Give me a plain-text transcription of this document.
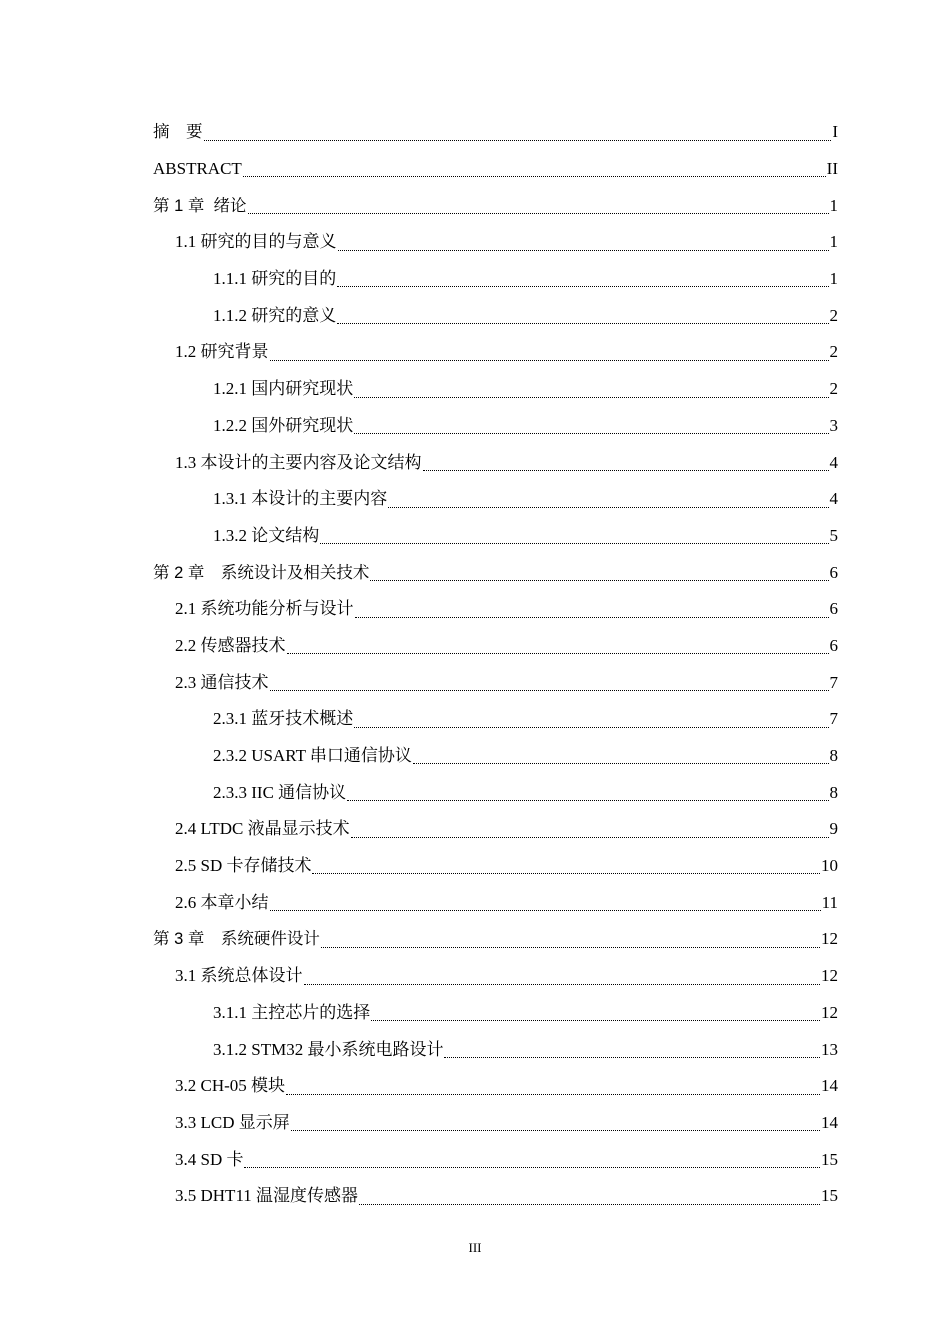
摘　要	I
ABSTRACT	II
第 1 章  绪论	1
1.1 研究的目的与意义	1
1.1.1 研究的目的	1
1.1.2 研究的意义	2
1.2 研究背景	2
1.2.1 国内研究现状	2
1.2.2 国外研究现状	3
1.3 本设计的主要内容及论文结构	4
1.3.1 本设计的主要内容	4
1.3.2 论文结构	5
第 2 章　系统设计及相关技术	6
2.1 系统功能分析与设计	6
2.2 传感器技术	6
2.3 通信技术	7
2.3.1 蓝牙技术概述	7
2.3.2 USART 串口通信协议	8
2.3.3 IIC 通信协议	8
2.4 LTDC 液晶显示技术	9
2.5 SD 卡存储技术	10
2.6 本章小结	11
第 3 章　系统硬件设计	12
3.1 系统总体设计	12
3.1.1 主控芯片的选择	12
3.1.2 STM32 最小系统电路设计	13
3.2 CH-05 模块	14
3.3 LCD 显示屏	14
3.4 SD 卡	15
3.5 DHT11 温湿度传感器	15
III
